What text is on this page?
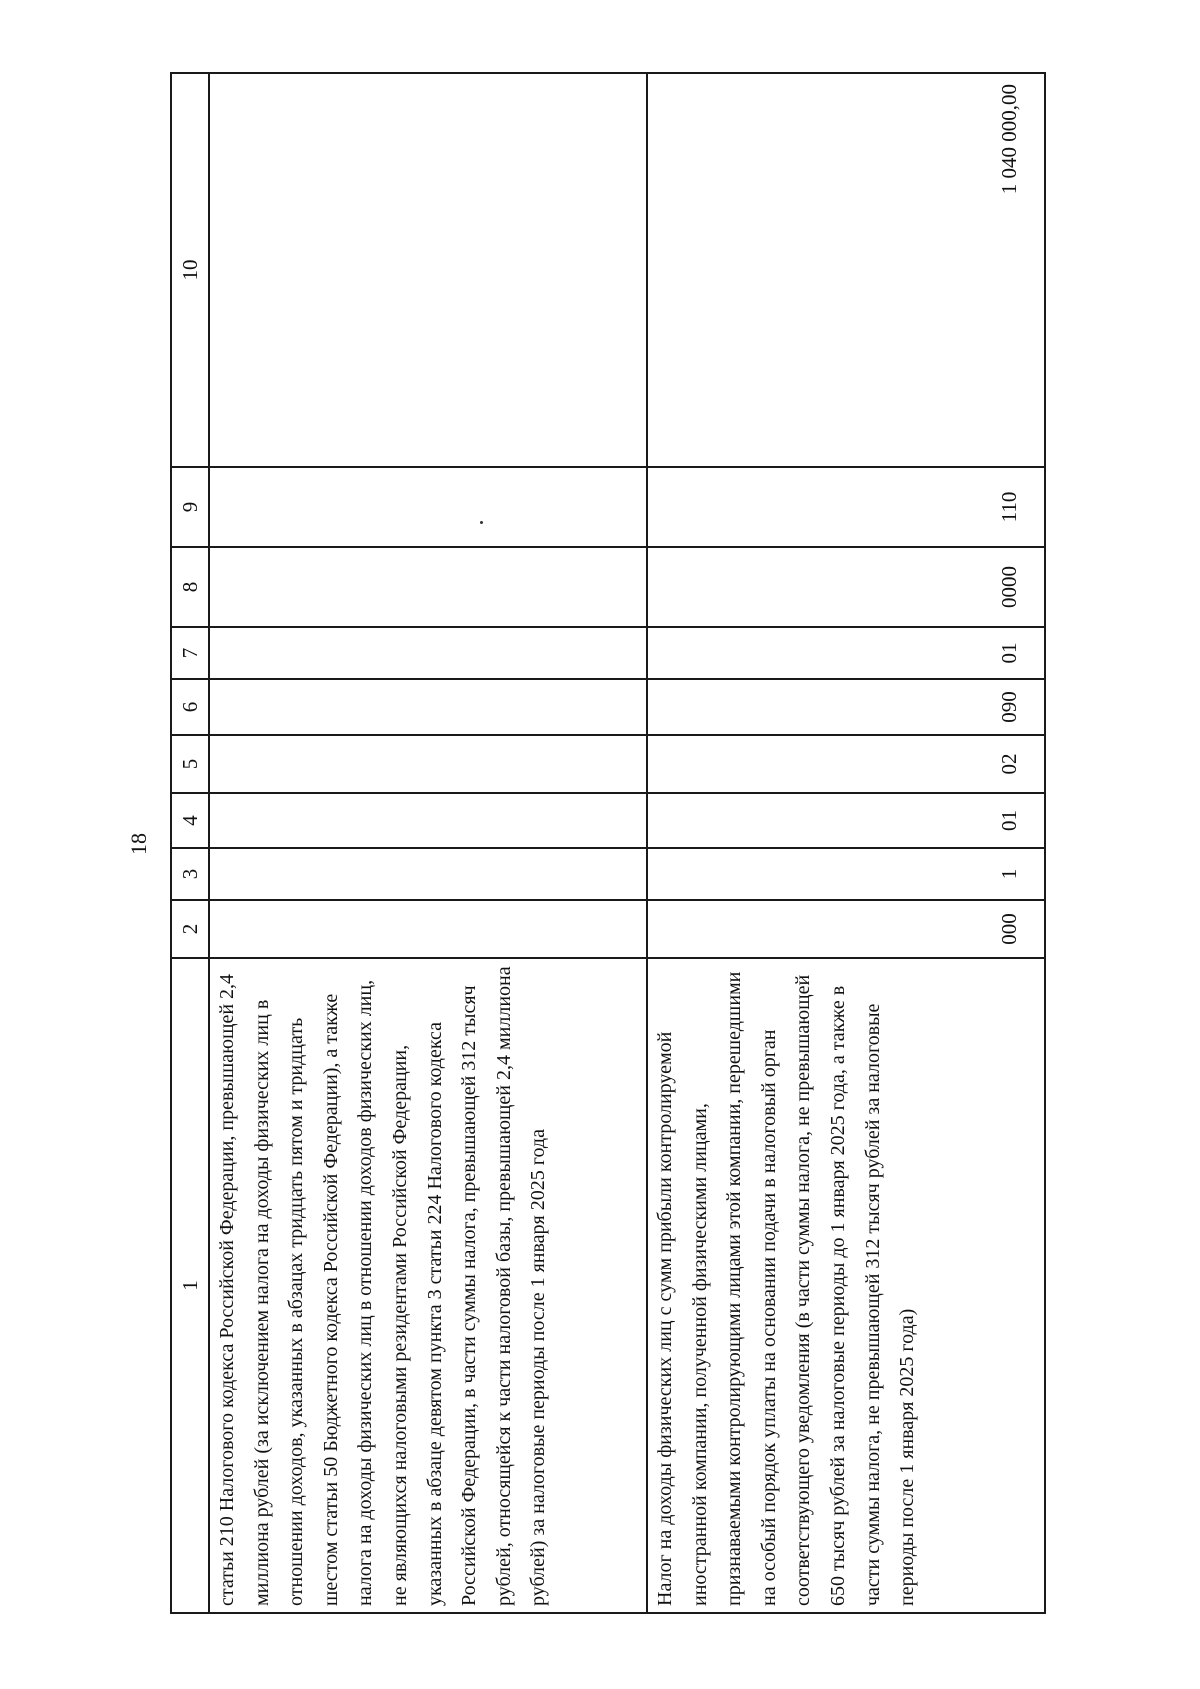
18
1	2	3	4	5	6	7	8	9	10
статьи 210 Налогового кодекса Российской Федерации, превышающей 2,4 миллиона рублей (за исключением налога на доходы физических лиц в отношении доходов, указанных в абзацах тридцать пятом и тридцать шестом статьи 50 Бюджетного кодекса Российской Федерации), а также налога на доходы физических лиц в отношении доходов физических лиц, не являющихся налоговыми резидентами Российской Федерации, указанных в абзаце девятом пункта 3 статьи 224 Налогового кодекса Российской Федерации, в части суммы налога, превышающей 312 тысяч рублей, относящейся к части налоговой базы, превышающей 2,4 миллиона рублей) за налоговые периоды после 1 января 2025 года									
Налог на доходы физических лиц с сумм прибыли контролируемой иностранной компании, полученной физическими лицами, признаваемыми контролирующими лицами этой компании, перешедшими на особый порядок уплаты на основании подачи в налоговый орган соответствующего уведомления (в части суммы налога, не превышающей 650 тысяч рублей за налоговые периоды до 1 января 2025 года, а также в части суммы налога, не превышающей 312 тысяч рублей за налоговые периоды после 1 января 2025 года)	000	1	01	02	090	01	0000	110	1 040 000,00
